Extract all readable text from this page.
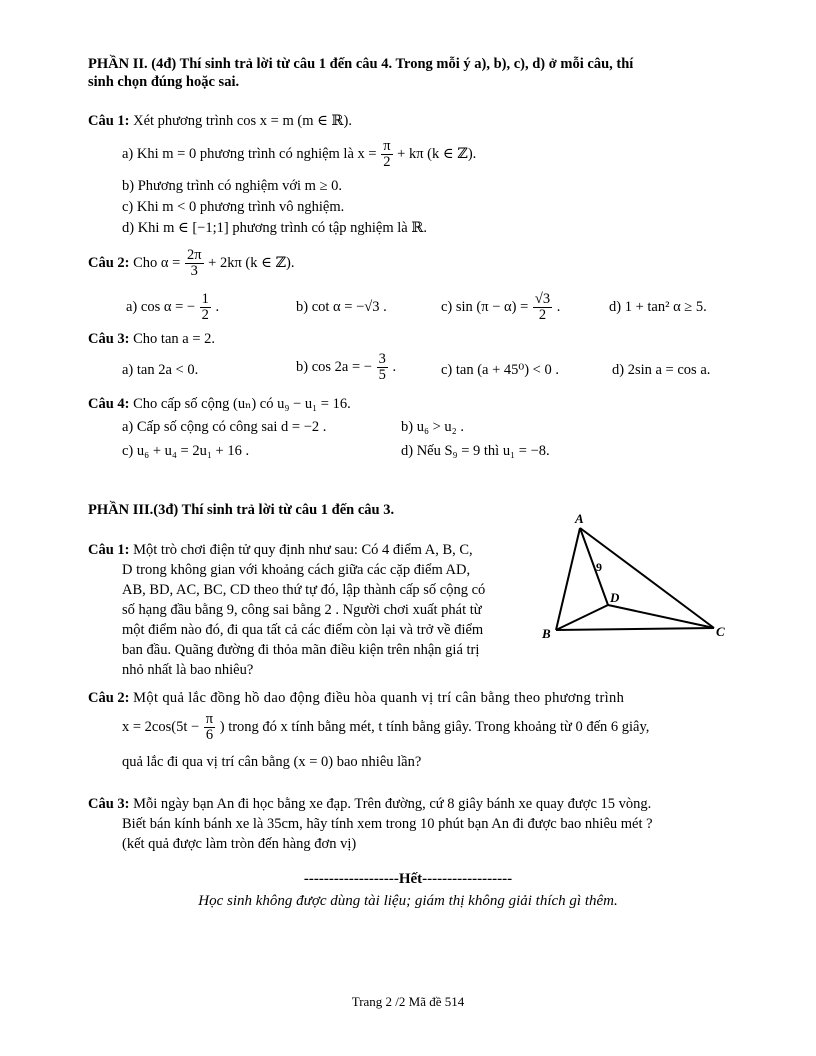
PHẦN II. (4đ) Thí sinh trả lời từ câu 1 đến câu 4. Trong mỗi ý a), b), c), d) ở mỗi câu, thí
sinh chọn đúng hoặc sai.
Câu 1: Xét phương trình cos x = m (m ∈ ℝ).
a) Khi m = 0 phương trình có nghiệm là $x = \frac{\pi}{2} + k\pi$ (k ∈ ℤ).
b) Phương trình có nghiệm với m ≥ 0.
c) Khi m < 0 phương trình vô nghiệm.
d) Khi m ∈ [−1;1] phương trình có tập nghiệm là ℝ.
Câu 2: Cho $\alpha = \frac{2\pi}{3} + 2k\pi$ (k ∈ ℤ).
a) cos α = − $\frac{1}{2}$ .	b) cot α = −√3 .	c) $\sin (\pi - \alpha) = \frac{√3}{2}$ .	d) 1 + tan² α ≥ 5.
Câu 3: Cho tan a = 2.
a) tan 2a < 0.	b) cos 2a = − $\frac{3}{5}$ .	c) tan (a + 45⁰) < 0 .	d) 2sin a = cos a.
Câu 4: Cho cấp số cộng (uₙ) có u₉ − u₁ = 16.
a) Cấp số cộng có công sai d = −2 .	b) u₆ > u₂ .
c) u₆ + u₄ = 2u₁ + 16 .	d) Nếu S₉ = 9 thì u₁ = −8.
PHẦN III.(3đ) Thí sinh trả lời từ câu 1 đến câu 3.
Câu 1: Một trò chơi điện tử quy định như sau: Có 4 điểm A, B, C,
D trong không gian với khoảng cách giữa các cặp điểm AD,
AB, BD, AC, BC, CD theo thứ tự đó, lập thành cấp số cộng có
số hạng đầu bằng 9, công sai bằng 2 . Người chơi xuất phát từ
một điểm nào đó, đi qua tất cả các điểm còn lại và trở về điểm
ban đầu. Quãng đường đi thỏa mãn điều kiện trên nhận giá trị
nhỏ nhất là bao nhiêu?
A
B	C
D
9
Câu 2: Một quả lắc đồng hồ dao động điều hòa quanh vị trí cân bằng theo phương trình
$x = 2\cos(5t - \frac{\pi}{6}$ ) trong đó x tính bằng mét, t tính bằng giây. Trong khoảng từ 0 đến 6 giây,
quả lắc đi qua vị trí cân bằng (x = 0) bao nhiêu lần?
Câu 3: Mỗi ngày bạn An đi học bằng xe đạp. Trên đường, cứ 8 giây bánh xe quay được 15 vòng.
Biết bán kính bánh xe là 35cm, hãy tính xem trong 10 phút bạn An đi được bao nhiêu mét ?
(kết quả được làm tròn đến hàng đơn vị)
-------------------Hết------------------
Học sinh không được dùng tài liệu; giám thị không giải thích gì thêm.
Trang 2 /2 Mã đề 514
